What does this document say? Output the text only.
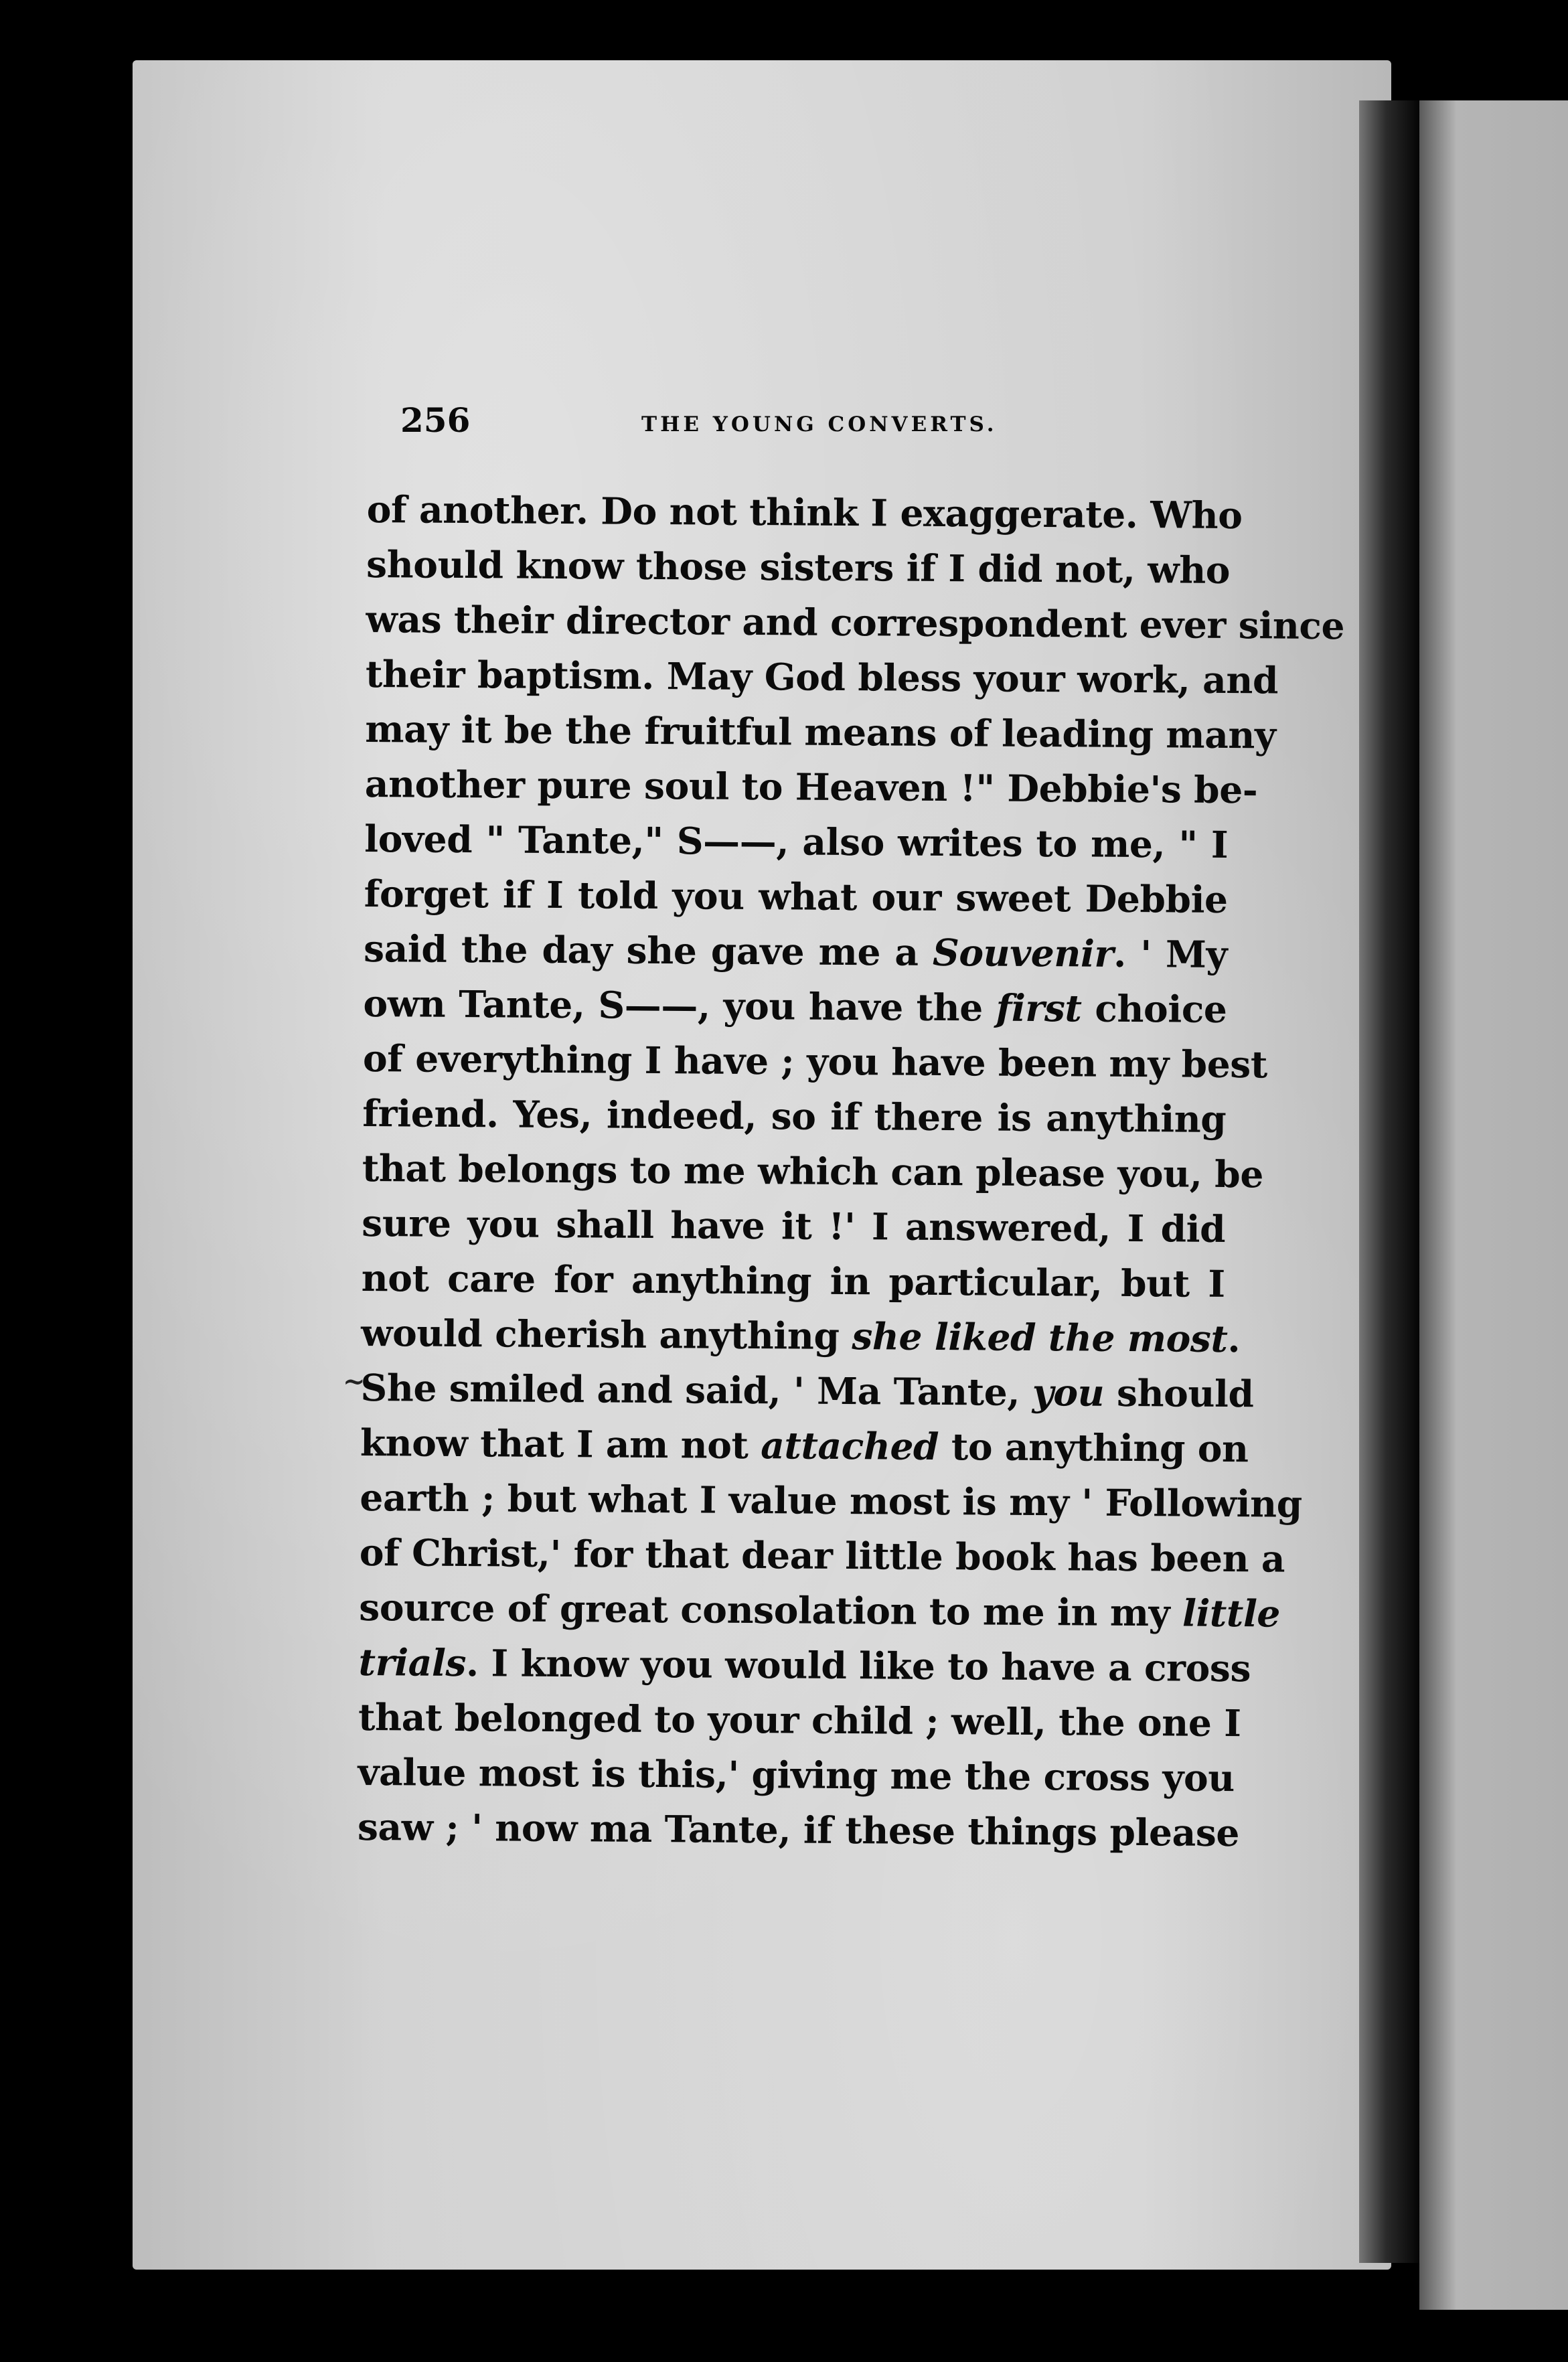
256	THE YOUNG CONVERTS.
of another. Do not think I exaggerate. Who
should know those sisters if I did not, who
was their director and correspondent ever since
their baptism. May God bless your work, and
may it be the fruitful means of leading many
another pure soul to Heaven !" Debbie's be-
loved " Tante," S——, also writes to me, " I
forget if I told you what our sweet Debbie
said the day she gave me a Souvenir. ' My
own Tante, S——, you have the first choice
of everything I have ; you have been my best
friend. Yes, indeed, so if there is anything
that belongs to me which can please you, be
sure you shall have it !' I answered, I did
not care for anything in particular, but I
would cherish anything she liked the most.
She smiled and said, ' Ma Tante, you should
know that I am not attached to anything on
earth ; but what I value most is my ' Following
of Christ,' for that dear little book has been a
source of great consolation to me in my little
trials. I know you would like to have a cross
that belonged to your child ; well, the one I
value most is this,' giving me the cross you
saw ; ' now ma Tante, if these things please
~
